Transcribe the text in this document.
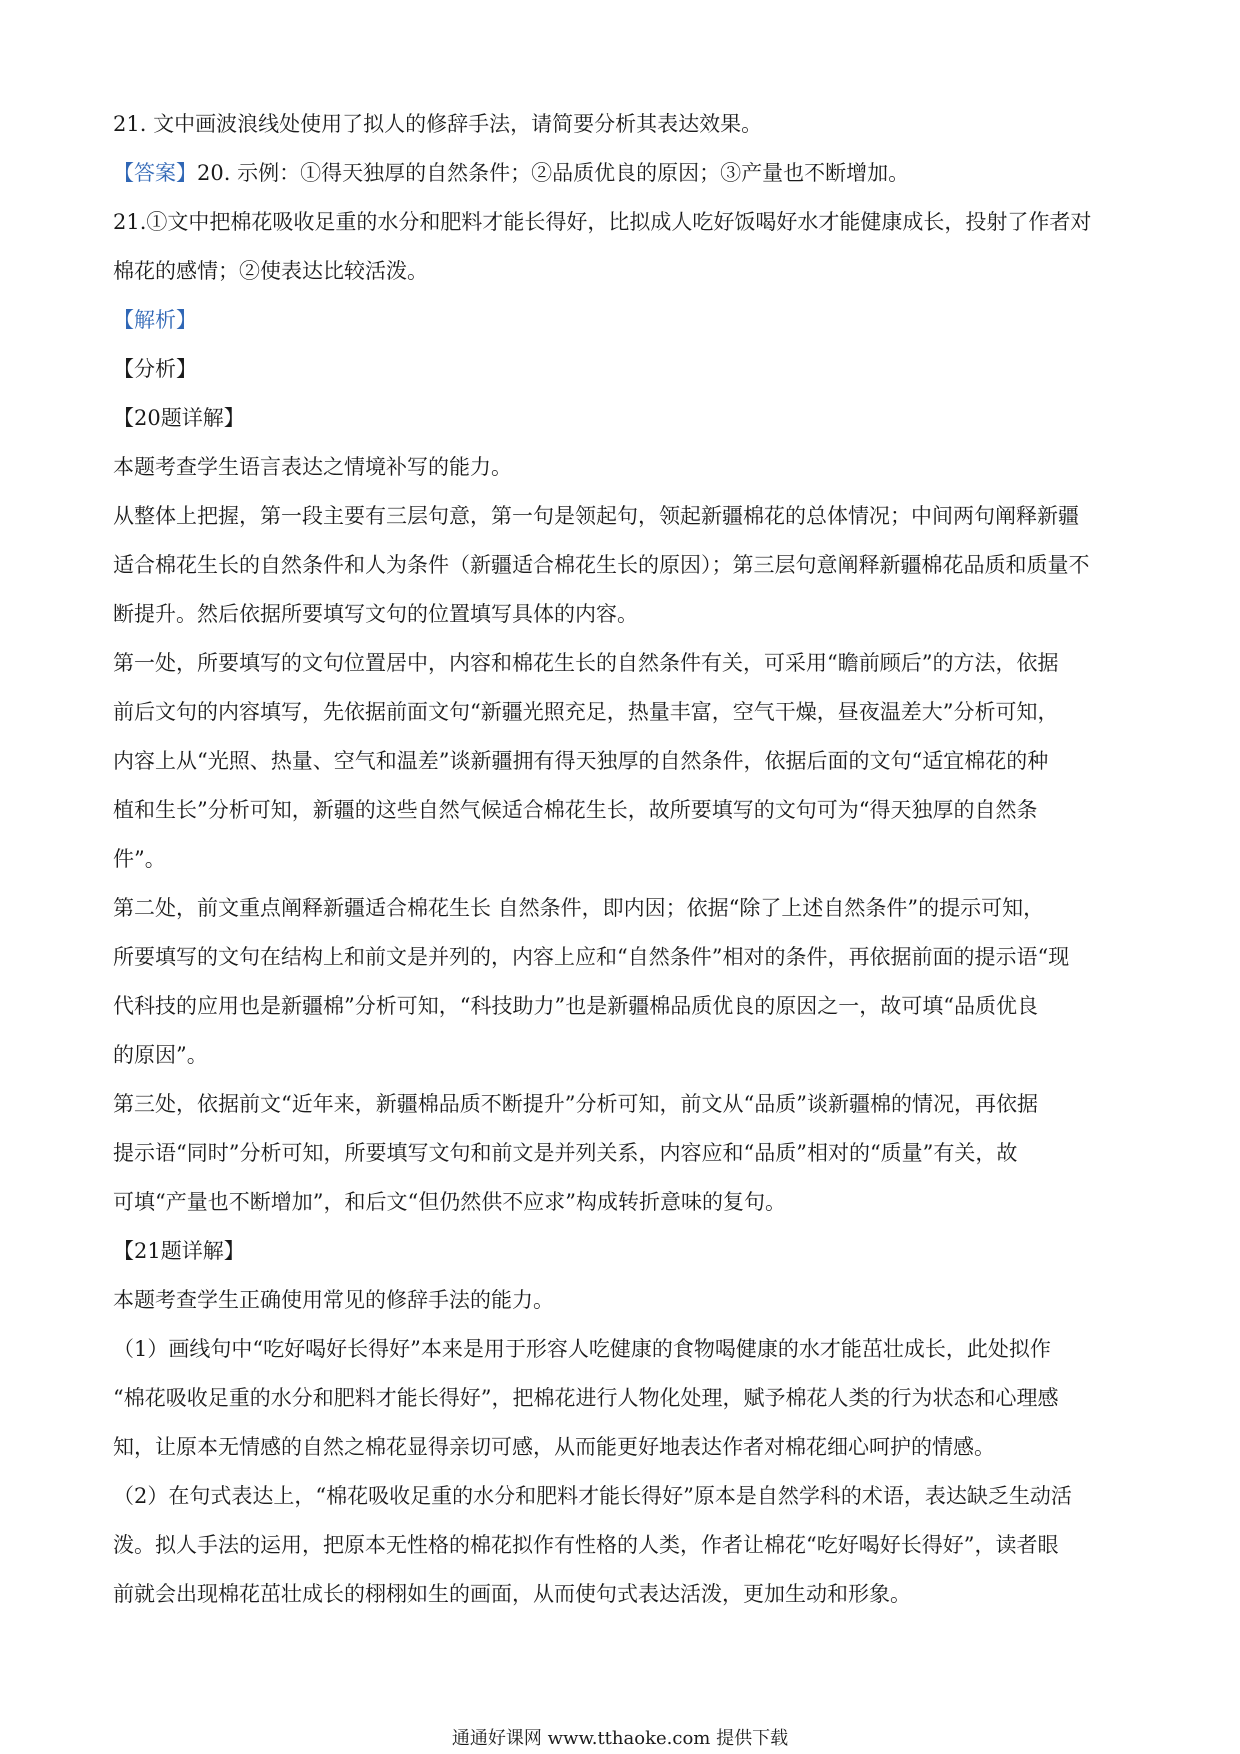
21. 文中画波浪线处使用了拟人的修辞手法，请简要分析其表达效果。
【答案】20. 示例：①得天独厚的自然条件；②品质优良的原因；③产量也不断增加。
21.①文中把棉花吸收足重的水分和肥料才能长得好，比拟成人吃好饭喝好水才能健康成长，投射了作者对
棉花的感情；②使表达比较活泼。
【解析】
【分析】
【20题详解】
本题考查学生语言表达之情境补写的能力。
从整体上把握，第一段主要有三层句意，第一句是领起句，领起新疆棉花的总体情况；中间两句阐释新疆
适合棉花生长的自然条件和人为条件（新疆适合棉花生长的原因）；第三层句意阐释新疆棉花品质和质量不
断提升。然后依据所要填写文句的位置填写具体的内容。
第一处，所要填写的文句位置居中，内容和棉花生长的自然条件有关，可采用“瞻前顾后”的方法，依据
前后文句的内容填写，先依据前面文句“新疆光照充足，热量丰富，空气干燥，昼夜温差大”分析可知，
内容上从“光照、热量、空气和温差”谈新疆拥有得天独厚的自然条件，依据后面的文句“适宜棉花的种
植和生长”分析可知，新疆的这些自然气候适合棉花生长，故所要填写的文句可为“得天独厚的自然条
件”。
第二处，前文重点阐释新疆适合棉花生长 自然条件，即内因；依据“除了上述自然条件”的提示可知，
所要填写的文句在结构上和前文是并列的，内容上应和“自然条件”相对的条件，再依据前面的提示语“现
代科技的应用也是新疆棉”分析可知，“科技助力”也是新疆棉品质优良的原因之一，故可填“品质优良
的原因”。
第三处，依据前文“近年来，新疆棉品质不断提升”分析可知，前文从“品质”谈新疆棉的情况，再依据
提示语“同时”分析可知，所要填写文句和前文是并列关系，内容应和“品质”相对的“质量”有关，故
可填“产量也不断增加”，和后文“但仍然供不应求”构成转折意味的复句。
【21题详解】
本题考查学生正确使用常见的修辞手法的能力。
（1）画线句中“吃好喝好长得好”本来是用于形容人吃健康的食物喝健康的水才能茁壮成长，此处拟作
“棉花吸收足重的水分和肥料才能长得好”，把棉花进行人物化处理，赋予棉花人类的行为状态和心理感
知，让原本无情感的自然之棉花显得亲切可感，从而能更好地表达作者对棉花细心呵护的情感。
（2）在句式表达上，“棉花吸收足重的水分和肥料才能长得好”原本是自然学科的术语，表达缺乏生动活
泼。拟人手法的运用，把原本无性格的棉花拟作有性格的人类，作者让棉花“吃好喝好长得好”，读者眼
前就会出现棉花茁壮成长的栩栩如生的画面，从而使句式表达活泼，更加生动和形象。
通通好课网 www.tthaoke.com 提供下载
